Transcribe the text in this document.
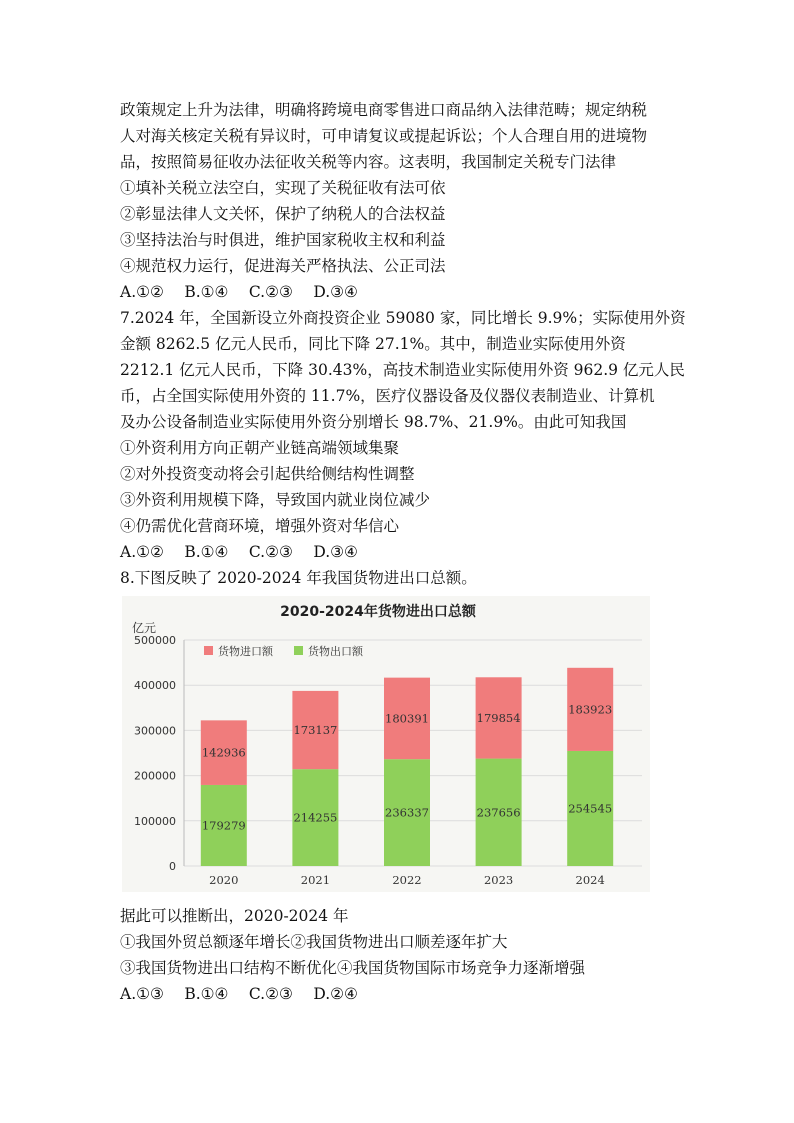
政策规定上升为法律，明确将跨境电商零售进口商品纳入法律范畴；规定纳税
人对海关核定关税有异议时，可申请复议或提起诉讼；个人合理自用的进境物
品，按照简易征收办法征收关税等内容。这表明，我国制定关税专门法律
①填补关税立法空白，实现了关税征收有法可依
②彰显法律人文关怀，保护了纳税人的合法权益
③坚持法治与时俱进，维护国家税收主权和利益
④规范权力运行，促进海关严格执法、公正司法
A.①②　 B.①④　 C.②③　 D.③④
7.2024 年，全国新设立外商投资企业 59080 家，同比增长 9.9%；实际使用外资
金额 8262.5 亿元人民币，同比下降 27.1%。其中，制造业实际使用外资
2212.1 亿元人民币，下降 30.43%，高技术制造业实际使用外资 962.9 亿元人民
币，占全国实际使用外资的 11.7%，医疗仪器设备及仪器仪表制造业、计算机
及办公设备制造业实际使用外资分别增长 98.7%、21.9%。由此可知我国
①外资利用方向正朝产业链高端领域集聚
②对外投资变动将会引起供给侧结构性调整
③外资利用规模下降，导致国内就业岗位减少
④仍需优化营商环境，增强外资对华信心
A.①②　 B.①④　 C.②③　 D.③④
8.下图反映了 2020-2024 年我国货物进出口总额。
2020-2024年货物进出口总额
亿元
0
100000
200000
300000
400000
500000
179279
142936
2020
214255
173137
2021
236337
180391
2022
237656
179854
2023
254545
183923
2024
货物进口额	货物出口额
据此可以推断出，2020-2024 年
①我国外贸总额逐年增长②我国货物进出口顺差逐年扩大
③我国货物进出口结构不断优化④我国货物国际市场竞争力逐渐增强
A.①③　 B.①④　 C.②③　 D.②④
